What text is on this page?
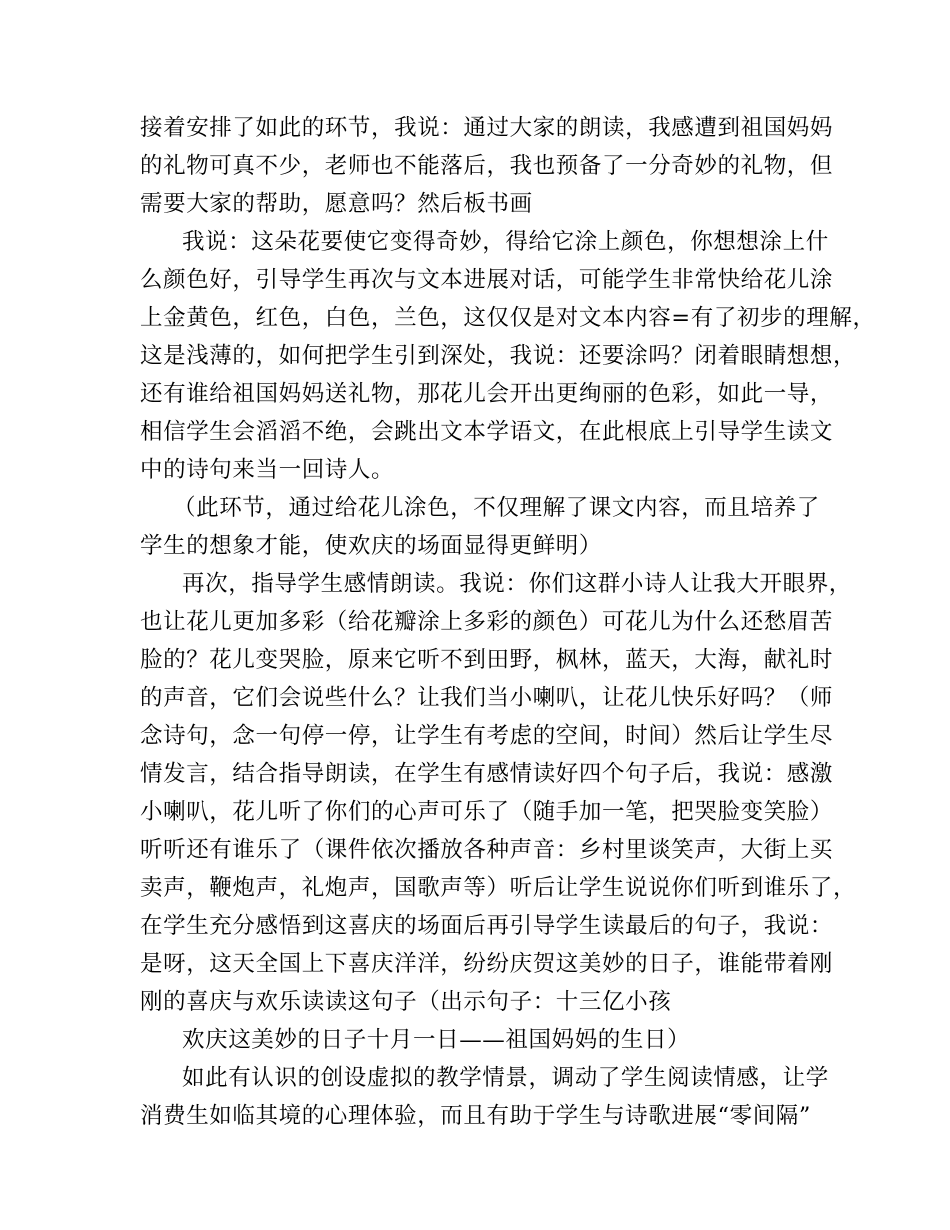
接着安排了如此的环节，我说：通过大家的朗读，我感遭到祖国妈妈
的礼物可真不少，老师也不能落后，我也预备了一分奇妙的礼物，但
需要大家的帮助，愿意吗？然后板书画
我说：这朵花要使它变得奇妙，得给它涂上颜色，你想想涂上什
么颜色好，引导学生再次与文本进展对话，可能学生非常快给花儿涂
上金黄色，红色，白色，兰色，这仅仅是对文本内容=有了初步的理解，
这是浅薄的，如何把学生引到深处，我说：还要涂吗？闭着眼睛想想，
还有谁给祖国妈妈送礼物，那花儿会开出更绚丽的色彩，如此一导，
相信学生会滔滔不绝，会跳出文本学语文，在此根底上引导学生读文
中的诗句来当一回诗人。
（此环节，通过给花儿涂色，不仅理解了课文内容，而且培养了
学生的想象才能，使欢庆的场面显得更鲜明）
再次，指导学生感情朗读。我说：你们这群小诗人让我大开眼界，
也让花儿更加多彩（给花瓣涂上多彩的颜色）可花儿为什么还愁眉苦
脸的？花儿变哭脸，原来它听不到田野，枫林，蓝天，大海，献礼时
的声音，它们会说些什么？让我们当小喇叭，让花儿快乐好吗？（师
念诗句，念一句停一停，让学生有考虑的空间，时间）然后让学生尽
情发言，结合指导朗读，在学生有感情读好四个句子后，我说：感激
小喇叭，花儿听了你们的心声可乐了（随手加一笔，把哭脸变笑脸）
听听还有谁乐了（课件依次播放各种声音：乡村里谈笑声，大街上买
卖声，鞭炮声，礼炮声，国歌声等）听后让学生说说你们听到谁乐了，
在学生充分感悟到这喜庆的场面后再引导学生读最后的句子，我说：
是呀，这天全国上下喜庆洋洋，纷纷庆贺这美妙的日子，谁能带着刚
刚的喜庆与欢乐读读这句子（出示句子：十三亿小孩
欢庆这美妙的日子十月一日——祖国妈妈的生日）
如此有认识的创设虚拟的教学情景，调动了学生阅读情感，让学
消费生如临其境的心理体验，而且有助于学生与诗歌进展“零间隔”
